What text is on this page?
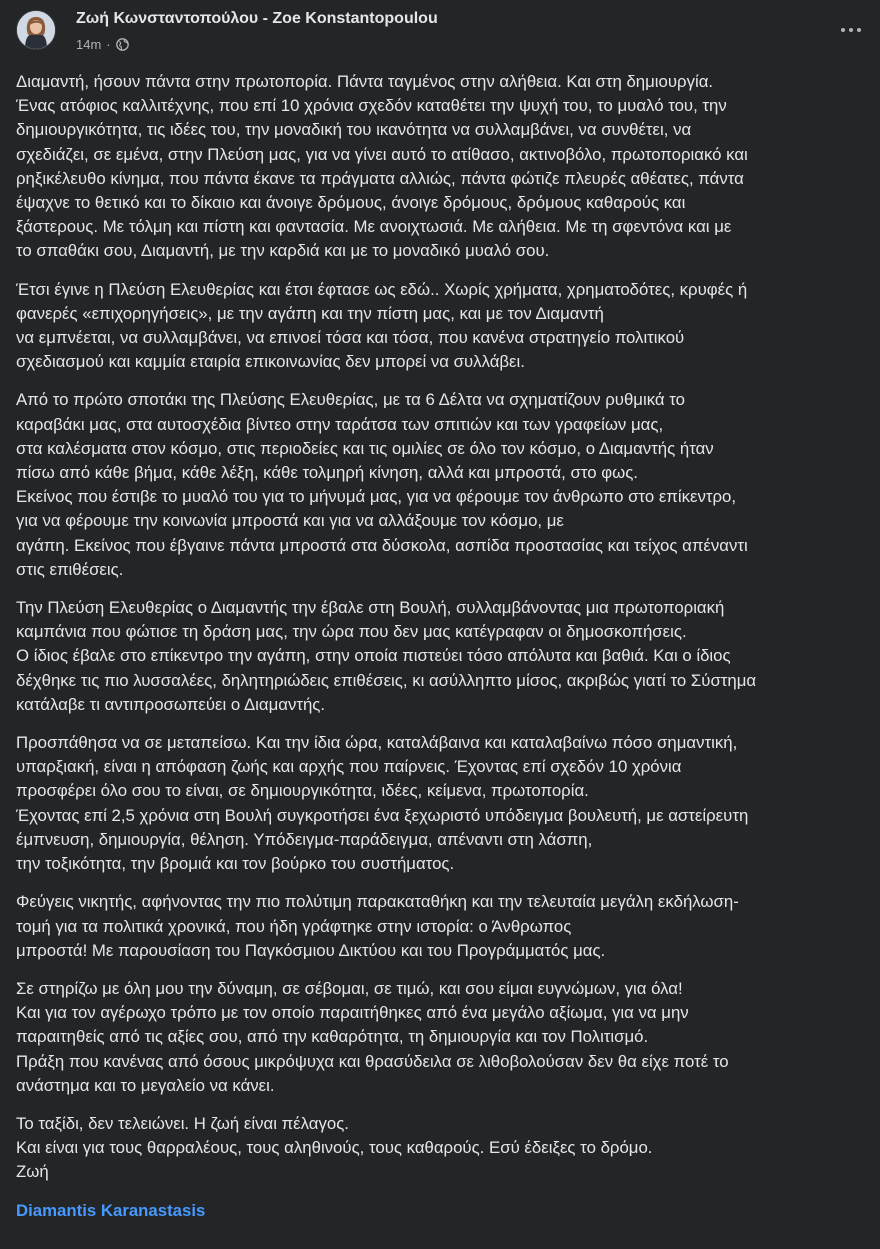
Ζωή Κωνσταντοπούλου - Zoe Konstantopoulou
14m ·
Διαμαντή, ήσουν πάντα στην πρωτοπορία. Πάντα ταγμένος στην αλήθεια. Και στη δημιουργία.
Ένας ατόφιος καλλιτέχνης, που επί 10 χρόνια σχεδόν καταθέτει την ψυχή του, το μυαλό του, την
δημιουργικότητα, τις ιδέες του, την μοναδική του ικανότητα να συλλαμβάνει, να συνθέτει, να
σχεδιάζει, σε εμένα, στην Πλεύση μας, για να γίνει αυτό το ατίθασο, ακτινοβόλο, πρωτοποριακό και
ρηξικέλευθο κίνημα, που πάντα έκανε τα πράγματα αλλιώς, πάντα φώτιζε πλευρές αθέατες, πάντα
έψαχνε το θετικό και το δίκαιο και άνοιγε δρόμους, άνοιγε δρόμους, δρόμους καθαρούς και
ξάστερους. Με τόλμη και πίστη και φαντασία. Με ανοιχτωσιά. Με αλήθεια. Με τη σφεντόνα και με
το σπαθάκι σου, Διαμαντή, με την καρδιά και με το μοναδικό μυαλό σου.
Έτσι έγινε η Πλεύση Ελευθερίας και έτσι έφτασε ως εδώ.. Χωρίς χρήματα, χρηματοδότες, κρυφές ή
φανερές «επιχορηγήσεις», με την αγάπη και την πίστη μας, και με τον Διαμαντή
να εμπνέεται, να συλλαμβάνει, να επινοεί τόσα και τόσα, που κανένα στρατηγείο πολιτικού
σχεδιασμού και καμμία εταιρία επικοινωνίας δεν μπορεί να συλλάβει.
Από το πρώτο σποτάκι της Πλεύσης Ελευθερίας, με τα 6 Δέλτα να σχηματίζουν ρυθμικά το
καραβάκι μας, στα αυτοσχέδια βίντεο στην ταράτσα των σπιτιών και των γραφείων μας,
στα καλέσματα στον κόσμο, στις περιοδείες και τις ομιλίες σε όλο τον κόσμο, ο Διαμαντής ήταν
πίσω από κάθε βήμα, κάθε λέξη, κάθε τολμηρή κίνηση, αλλά και μπροστά, στο φως.
Εκείνος που έστιβε το μυαλό του για το μήνυμά μας, για να φέρουμε τον άνθρωπο στο επίκεντρο,
για να φέρουμε την κοινωνία μπροστά και για να αλλάξουμε τον κόσμο, με
αγάπη. Εκείνος που έβγαινε πάντα μπροστά στα δύσκολα, ασπίδα προστασίας και τείχος απέναντι
στις επιθέσεις.
Την Πλεύση Ελευθερίας ο Διαμαντής την έβαλε στη Βουλή, συλλαμβάνοντας μια πρωτοποριακή
καμπάνια που φώτισε τη δράση μας, την ώρα που δεν μας κατέγραφαν οι δημοσκοπήσεις.
Ο ίδιος έβαλε στο επίκεντρο την αγάπη, στην οποία πιστεύει τόσο απόλυτα και βαθιά. Και ο ίδιος
δέχθηκε τις πιο λυσσαλέες, δηλητηριώδεις επιθέσεις, κι ασύλληπτο μίσος, ακριβώς γιατί το Σύστημα
κατάλαβε τι αντιπροσωπεύει ο Διαμαντής.
Προσπάθησα να σε μεταπείσω. Και την ίδια ώρα, καταλάβαινα και καταλαβαίνω πόσο σημαντική,
υπαρξιακή, είναι η απόφαση ζωής και αρχής που παίρνεις. Έχοντας επί σχεδόν 10 χρόνια
προσφέρει όλο σου το είναι, σε δημιουργικότητα, ιδέες, κείμενα, πρωτοπορία.
Έχοντας επί 2,5 χρόνια στη Βουλή συγκροτήσει ένα ξεχωριστό υπόδειγμα βουλευτή, με αστείρευτη
έμπνευση, δημιουργία, θέληση. Υπόδειγμα-παράδειγμα, απέναντι στη λάσπη,
την τοξικότητα, την βρομιά και τον βούρκο του συστήματος.
Φεύγεις νικητής, αφήνοντας την πιο πολύτιμη παρακαταθήκη και την τελευταία μεγάλη εκδήλωση-
τομή για τα πολιτικά χρονικά, που ήδη γράφτηκε στην ιστορία: ο Άνθρωπος
μπροστά! Με παρουσίαση του Παγκόσμιου Δικτύου και του Προγράμματός μας.
Σε στηρίζω με όλη μου την δύναμη, σε σέβομαι, σε τιμώ, και σου είμαι ευγνώμων, για όλα!
Και για τον αγέρωχο τρόπο με τον οποίο παραιτήθηκες από ένα μεγάλο αξίωμα, για να μην
παραιτηθείς από τις αξίες σου, από την καθαρότητα, τη δημιουργία και τον Πολιτισμό.
Πράξη που κανένας από όσους μικρόψυχα και θρασύδειλα σε λιθοβολούσαν δεν θα είχε ποτέ το
ανάστημα και το μεγαλείο να κάνει.
Το ταξίδι, δεν τελειώνει. Η ζωή είναι πέλαγος.
Και είναι για τους θαρραλέους, τους αληθινούς, τους καθαρούς. Εσύ έδειξες το δρόμο.
Ζωή
Diamantis Karanastasis
